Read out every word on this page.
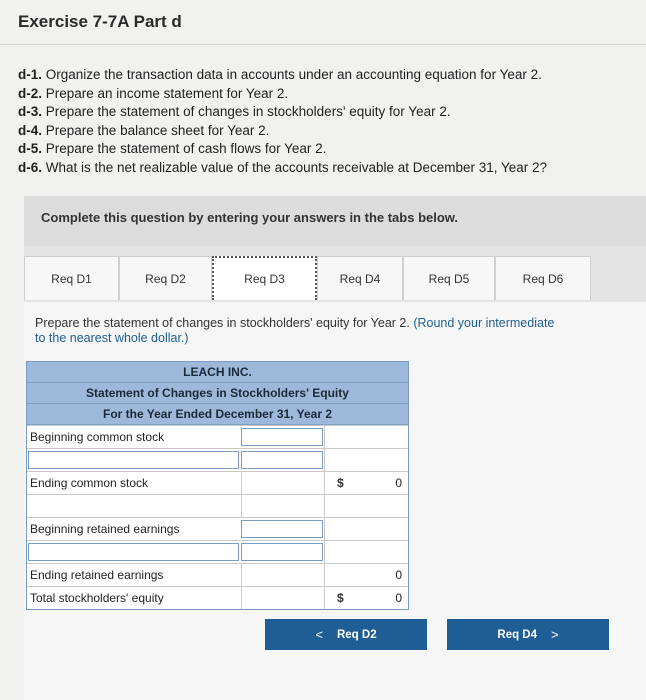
Exercise 7-7A Part d
d-1. Organize the transaction data in accounts under an accounting equation for Year 2.
d-2. Prepare an income statement for Year 2.
d-3. Prepare the statement of changes in stockholders' equity for Year 2.
d-4. Prepare the balance sheet for Year 2.
d-5. Prepare the statement of cash flows for Year 2.
d-6. What is the net realizable value of the accounts receivable at December 31, Year 2?
Complete this question by entering your answers in the tabs below.
Req D1	Req D2	Req D3	Req D4	Req D5	Req D6
Prepare the statement of changes in stockholders' equity for Year 2. (Round your intermediate
to the nearest whole dollar.)
LEACH INC.
Statement of Changes in Stockholders' Equity
For the Year Ended December 31, Year 2
Beginning common stock
Ending common stock	$	0
Beginning retained earnings
Ending retained earnings	0
Total stockholders' equity	$	0
< Req D2	Req D4 >
